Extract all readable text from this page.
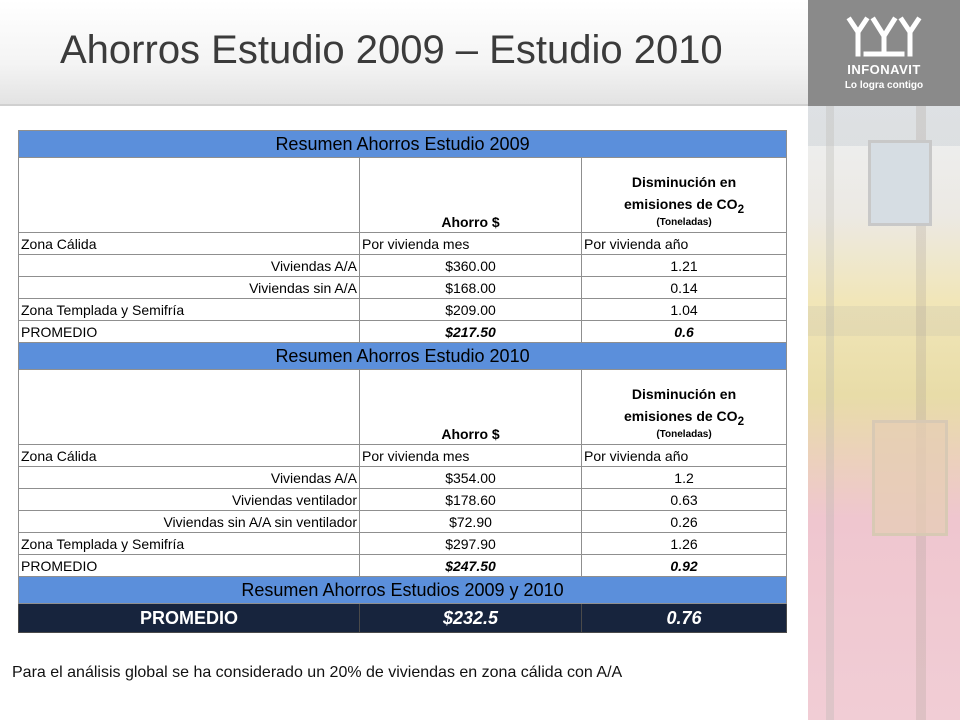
Ahorros Estudio 2009 – Estudio 2010	INFONAVIT
Lo logra contigo
Resumen Ahorros Estudio 2009		
	Ahorro $	Disminución en
emisiones de $CO_2$
(Toneladas)

Zona Cálida	Por vivienda mes	Por vivienda año
Viviendas A/A	$360.00	1.21
Viviendas sin A/A	$168.00	0.14
Zona Templada y Semifría	$209.00	1.04
PROMEDIO	$217.50	0.6
Resumen Ahorros Estudio 2010		
	Ahorro $	Disminución en
emisiones de $CO_2$
(Toneladas)

Zona Cálida	Por vivienda mes	Por vivienda año
Viviendas A/A	$354.00	1.2
Viviendas ventilador	$178.60	0.63
Viviendas sin A/A sin ventilador	$72.90	0.26
Zona Templada y Semifría	$297.90	1.26
PROMEDIO	$247.50	0.92
Resumen Ahorros Estudios 2009 y 2010		
PROMEDIO	$232.5	0.76
Para el análisis global se ha considerado un 20% de viviendas en zona cálida con A/A
